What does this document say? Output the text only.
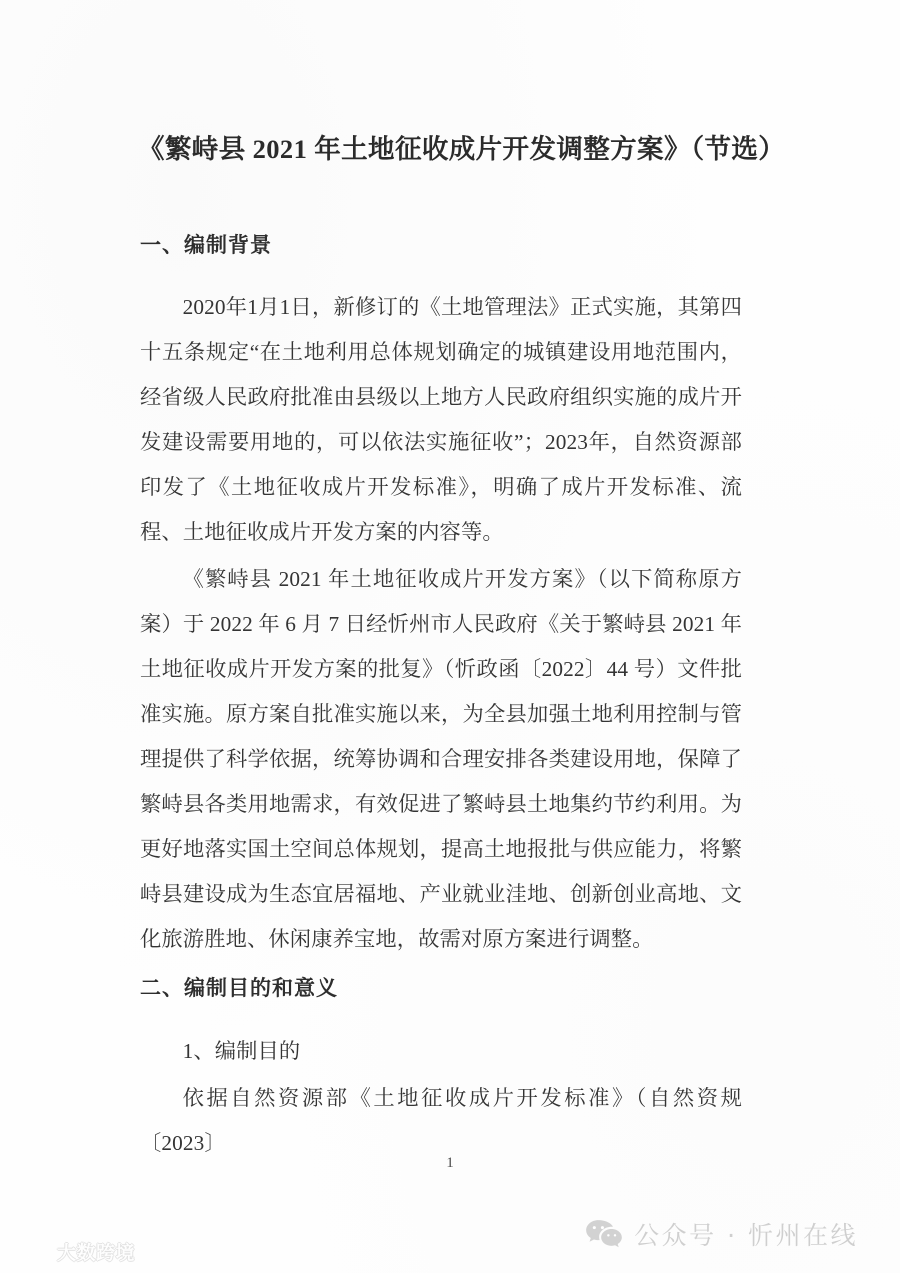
《繁峙县 2021 年土地征收成片开发调整方案》（节选）
一、编制背景

2020年1月1日，新修订的《土地管理法》正式实施，其第四十五条规定“在土地利用总体规划确定的城镇建设用地范围内，经省级人民政府批准由县级以上地方人民政府组织实施的成片开发建设需要用地的，可以依法实施征收”；2023年，自然资源部印发了《土地征收成片开发标准》，明确了成片开发标准、流程、土地征收成片开发方案的内容等。

《繁峙县 2021 年土地征收成片开发方案》（以下简称原方案）于 2022 年 6 月 7 日经忻州市人民政府《关于繁峙县 2021 年土地征收成片开发方案的批复》（忻政函〔2022〕44 号）文件批准实施。原方案自批准实施以来，为全县加强土地利用控制与管理提供了科学依据，统筹协调和合理安排各类建设用地，保障了繁峙县各类用地需求，有效促进了繁峙县土地集约节约利用。为更好地落实国土空间总体规划，提高土地报批与供应能力，将繁峙县建设成为生态宜居福地、产业就业洼地、创新创业高地、文化旅游胜地、休闲康养宝地，故需对原方案进行调整。

二、编制目的和意义

1、编制目的

依据自然资源部《土地征收成片开发标准》（自然资规〔2023〕

1
大数跨境
公众号 · 忻州在线
